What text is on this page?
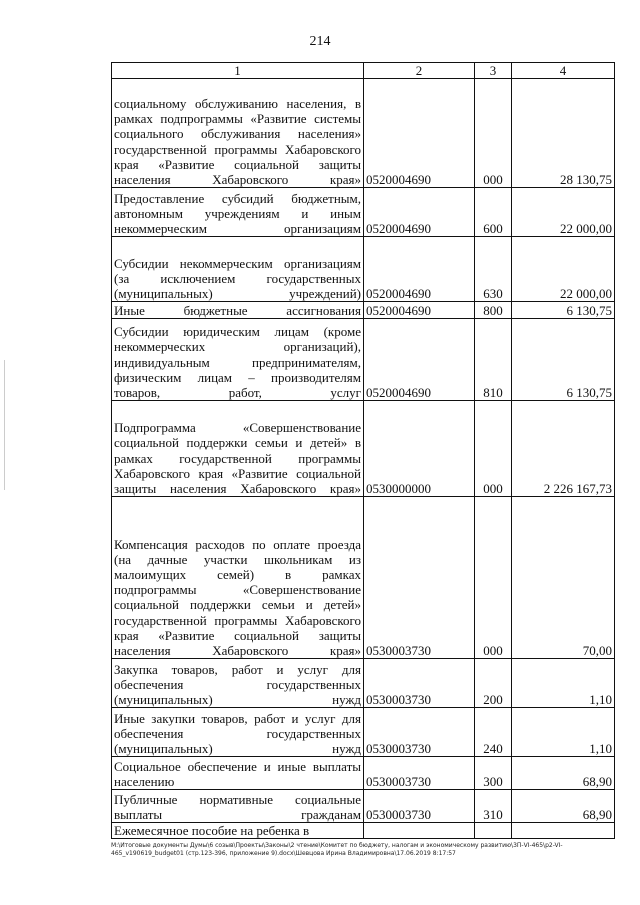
214
1	2	3	4
социальному обслуживанию населения, в рамках подпрограммы «Развитие системы социального обслуживания населения» государственной программы Хабаровского края «Развитие социальной защиты населения Хабаровского края»	0520004690	000	28 130,75
Предоставление субсидий бюджетным, автономным учреждениям и иным некоммерческим организациям	0520004690	600	22 000,00
Субсидии некоммерческим организациям (за исключением государственных (муниципальных) учреждений)	0520004690	630	22 000,00
Иные бюджетные ассигнования	0520004690	800	6 130,75
Субсидии юридическим лицам (кроме некоммерческих организаций), индивидуальным предпринимателям, физическим лицам – производителям товаров, работ, услуг	0520004690	810	6 130,75
Подпрограмма «Совершенствование социальной поддержки семьи и детей» в рамках государственной программы Хабаровского края «Развитие социальной защиты населения Хабаровского края»	0530000000	000	2 226 167,73
Компенсация расходов по оплате проезда (на дачные участки школьникам из малоимущих семей) в рамках подпрограммы «Совершенствование социальной поддержки семьи и детей» государственной программы Хабаровского края «Развитие социальной защиты населения Хабаровского края»	0530003730	000	70,00
Закупка товаров, работ и услуг для обеспечения государственных (муниципальных) нужд	0530003730	200	1,10
Иные закупки товаров, работ и услуг для обеспечения государственных (муниципальных) нужд	0530003730	240	1,10
Социальное обеспечение и иные выплаты населению	0530003730	300	68,90
Публичные нормативные социальные выплаты гражданам	0530003730	310	68,90
Ежемесячное пособие на ребенка в			
M:\Итоговые документы Думы\6 созыв\Проекты\Законы\2 чтение\Комитет по бюджету, налогам и экономическому развитию\3П-VI-465\p2-VI-465_v190619_budget01 (стр.123-396, приложение 9).docx\Шевцова Ирина Владимировна\17.06.2019 8:17:57
